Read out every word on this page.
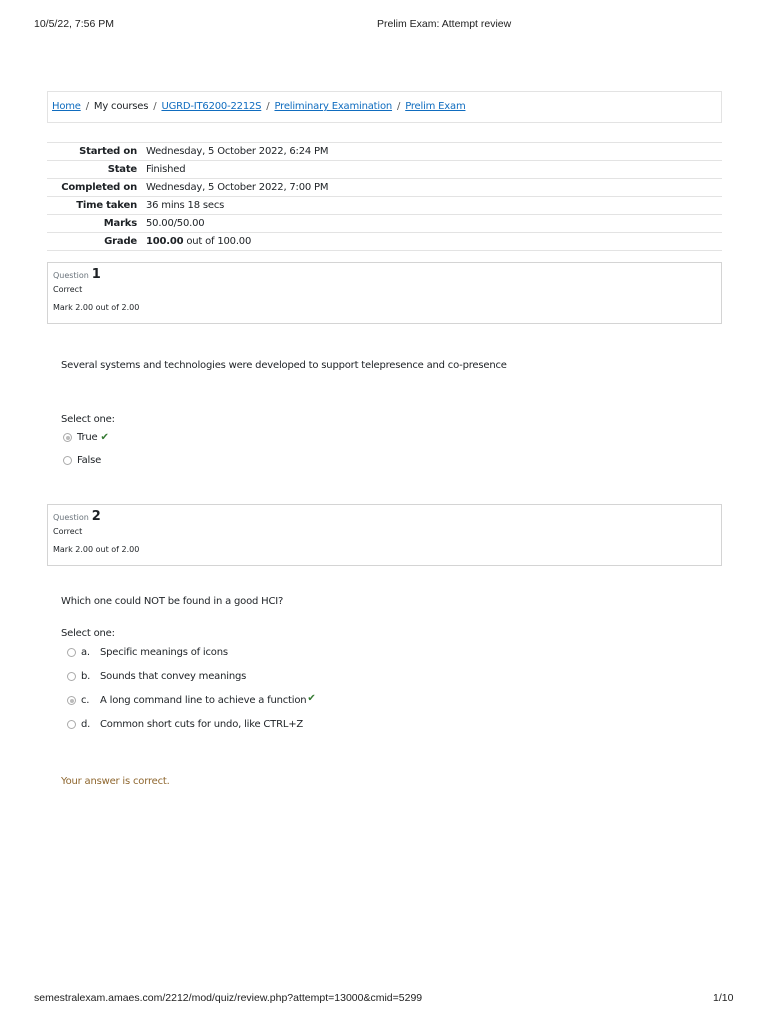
10/5/22, 7:56 PM	Prelim Exam: Attempt review
Home / My courses / UGRD-IT6200-2212S / Preliminary Examination / Prelim Exam
Started on Wednesday, 5 October 2022, 6:24 PM
State Finished
Completed on Wednesday, 5 October 2022, 7:00 PM
Time taken 36 mins 18 secs
Marks 50.00/50.00
Grade 100.00 out of 100.00
Question 1
Correct
Mark 2.00 out of 2.00
Several systems and technologies were developed to support telepresence and co-presence
Select one:
True ✔
False
Question 2
Correct
Mark 2.00 out of 2.00
Which one could NOT be found in a good HCI?
Select one:
a.	Specific meanings of icons
b. Sounds that convey meanings
c.	A long command line to achieve a function ✔
d. Common short cuts for undo, like CTRL+Z
Your answer is correct.
semestralexam.amaes.com/2212/mod/quiz/review.php?attempt=13000&cmid=5299	1/10
